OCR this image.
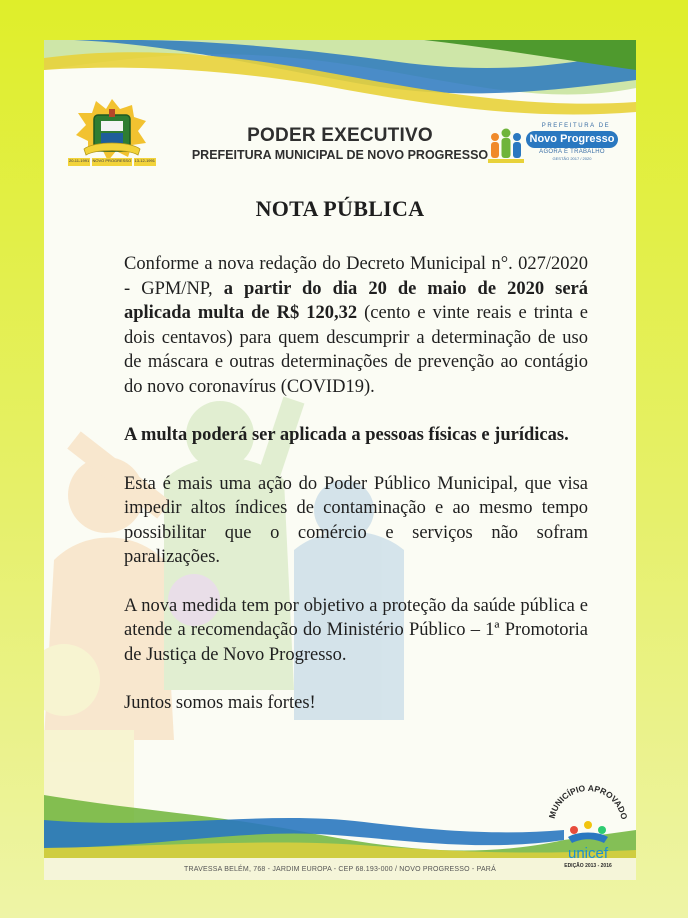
20-11-1991 NOVO PROGRESSO 13-12-1991
PODER EXECUTIVO
PREFEITURA MUNICIPAL DE NOVO PROGRESSO
PREFEITURA DE
Novo Progresso
AGORA É TRABALHO
GESTÃO 2017 / 2020
NOTA PÚBLICA

Conforme a nova redação do Decreto Municipal n°. 027/2020 - GPM/NP, a partir do dia 20 de maio de 2020 será aplicada multa de R$ 120,32 (cento e vinte reais e trinta e dois centavos) para quem descumprir a determinação de uso de máscara e outras determinações de prevenção ao contágio do novo coronavírus (COVID19).

A multa poderá ser aplicada a pessoas físicas e jurídicas.

Esta é mais uma ação do Poder Público Municipal, que visa impedir altos índices de contaminação e ao mesmo tempo possibilitar que o comércio e serviços não sofram paralizações.

A nova medida tem por objetivo a proteção da saúde pública e atende a recomendação do Ministério Público – 1ª Promotoria de Justiça de Novo Progresso.

Juntos somos mais fortes!

MUNICÍPIO APROVADO
unicef
EDIÇÃO 2013 - 2016
TRAVESSA BELÉM, 768 - JARDIM EUROPA - CEP 68.193-000 / NOVO PROGRESSO - PARÁ
